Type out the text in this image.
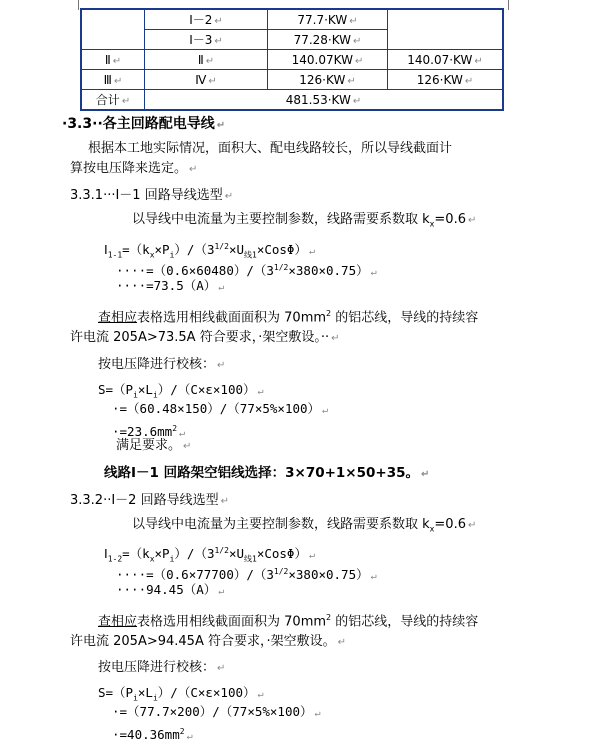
	Ⅰ－2 ↵	77.7·KW ↵	
	Ⅰ－3 ↵	77.28·KW ↵	
Ⅱ ↵	Ⅱ ↵	140.07KW ↵	140.07·KW ↵
Ⅲ ↵	Ⅳ ↵	126·KW ↵	126·KW ↵
合计 ↵	481.53·KW ↵		
·3.3··各主回路配电导线 ↵
根据本工地实际情况，面积大、配电线路较长，所以导线截面计
算按电压降来选定。 ↵
3.3.1···Ⅰ－1 回路导线选型 ↵
以导线中电流量为主要控制参数，线路需要系数取 $k_x=0.6$ ↵
$Ⅰ_{1-1}=(k_x\times P_i)/(3^{1/2}\times U_{线1}\times Cos\Phi)$ ↵
$\cdot\cdot\cdot\cdot=(0.6\times 60480)/(3^{1/2}\times 380\times 0.75)$ ↵
····=73.5（A） ↵
查相应表格选用相线截面面积为 $70mm^2$ 的铝芯线，导线的持续容
许电流 205A>73.5A 符合要求，·架空敷设。·· ↵
按电压降进行校核： ↵
$S=(P_i\times L_i)/(C\times\varepsilon\times 100)$ ↵
·=（60.48×150）/（77×5%×100） ↵
$\cdot=23.6mm^2$ ↵
满足要求。 ↵
线路Ⅰ－1 回路架空铝线选择：3×70+1×50+35。 ↵
3.3.2··Ⅰ－2 回路导线选型 ↵
以导线中电流量为主要控制参数，线路需要系数取 $k_x=0.6$ ↵
$Ⅰ_{1-2}=(k_x\times P_i)/(3^{1/2}\times U_{线1}\times Cos\Phi)$ ↵
$\cdot\cdot\cdot\cdot=(0.6\times 77700)/(3^{1/2}\times 380\times 0.75)$ ↵
····94.45（A） ↵
查相应表格选用相线截面面积为 $70mm^2$ 的铝芯线，导线的持续容
许电流 205A>94.45A 符合要求，·架空敷设。 ↵
按电压降进行校核： ↵
$S=(P_i\times L_i)/(C\times\varepsilon\times 100)$ ↵
·=（77.7×200）/（77×5%×100） ↵
$\cdot=40.36mm^2$ ↵
